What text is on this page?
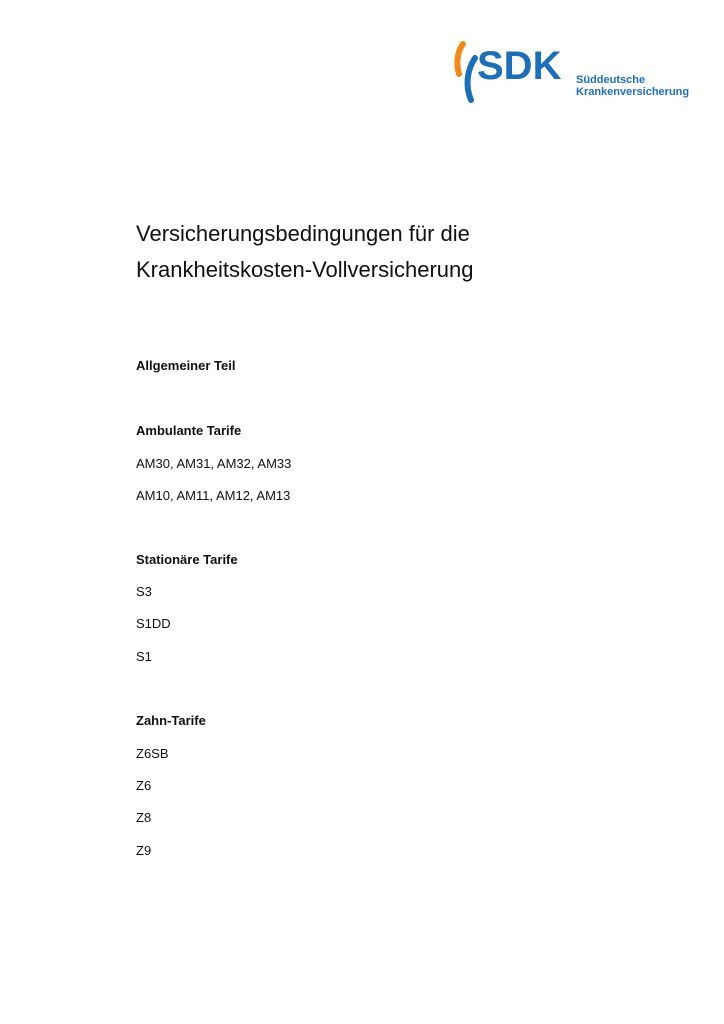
SDK Süddeutsche
Krankenversicherung
Versicherungsbedingungen für die
Krankheitskosten-Vollversicherung
Allgemeiner Teil
Ambulante Tarife
AM30, AM31, AM32, AM33
AM10, AM11, AM12, AM13
Stationäre Tarife
S3
S1DD
S1
Zahn-Tarife
Z6SB
Z6
Z8
Z9
